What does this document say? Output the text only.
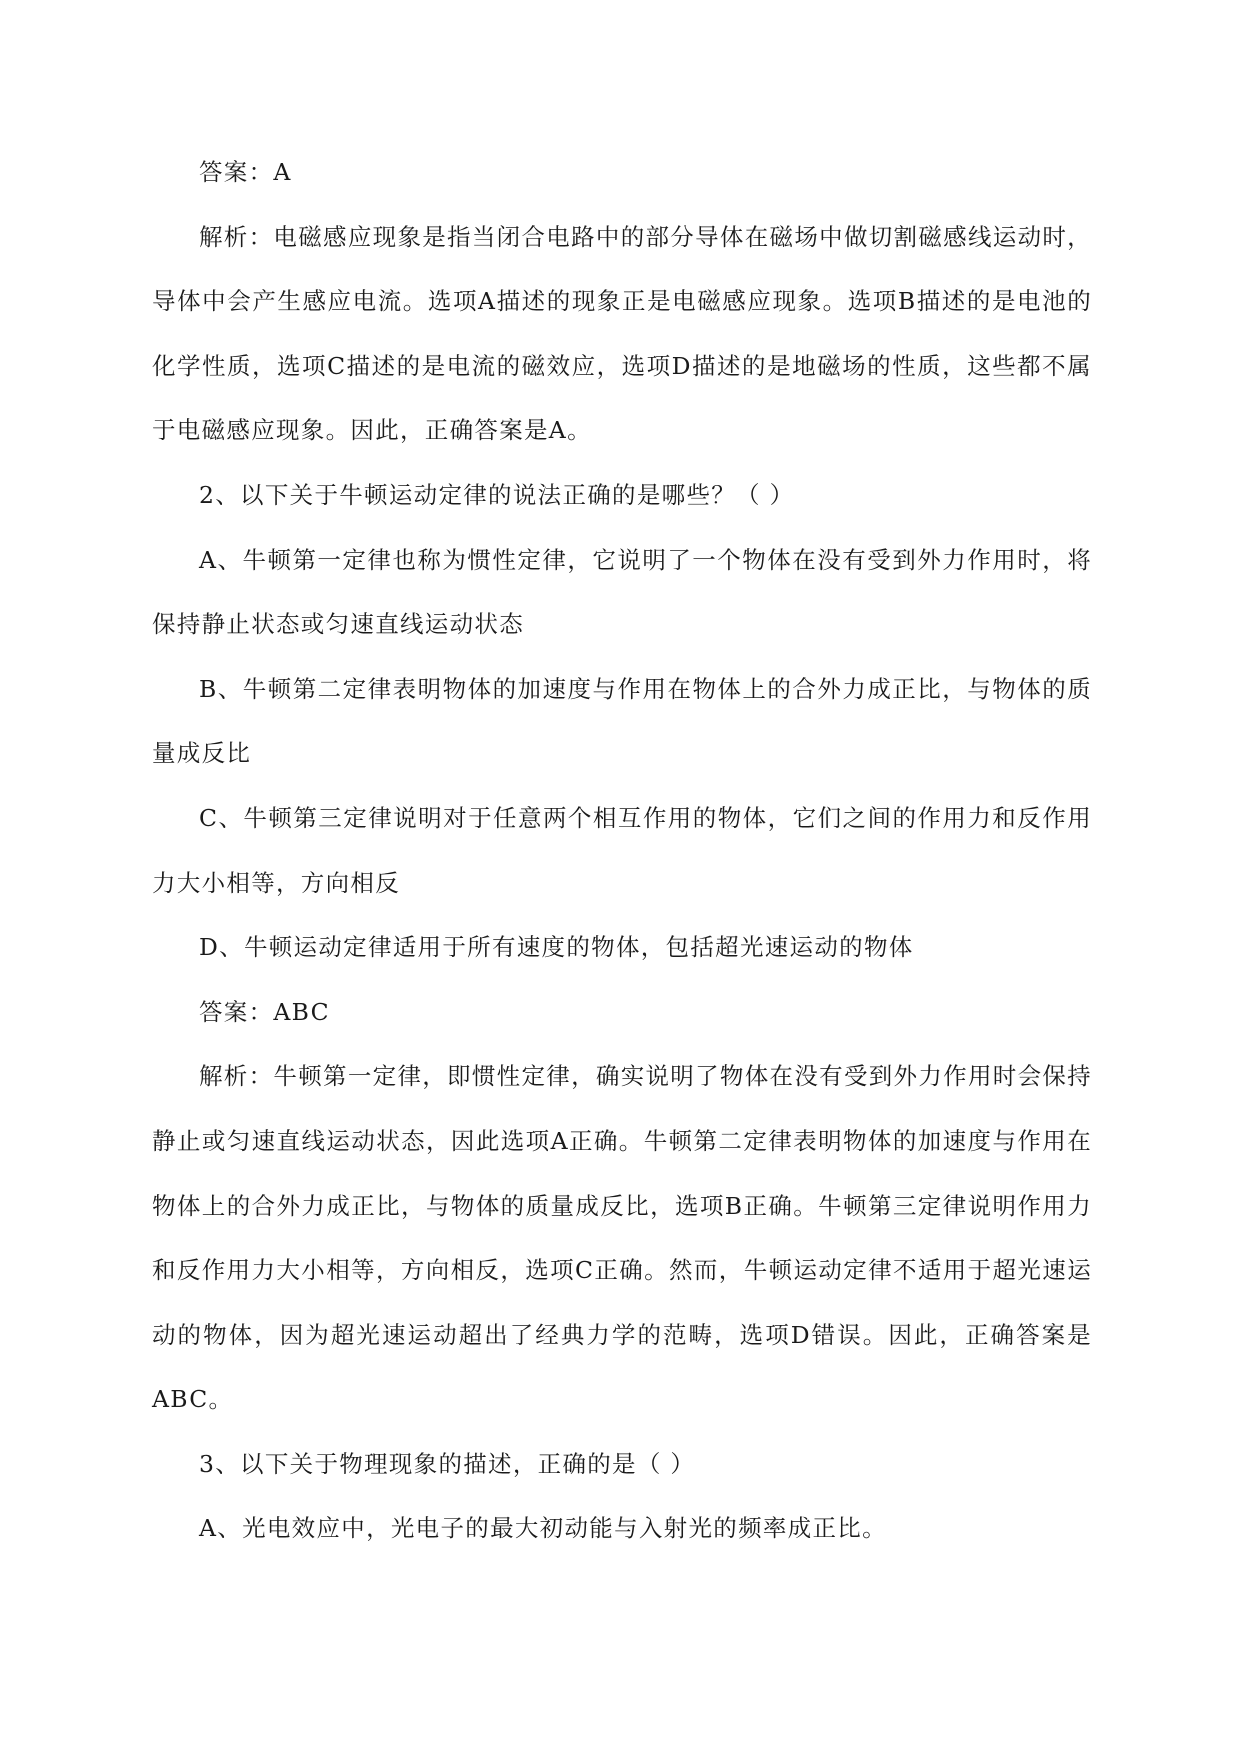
答案：A

解析：电磁感应现象是指当闭合电路中的部分导体在磁场中做切割磁感线运动时，导体中会产生感应电流。选项A描述的现象正是电磁感应现象。选项B描述的是电池的化学性质，选项C描述的是电流的磁效应，选项D描述的是地磁场的性质，这些都不属于电磁感应现象。因此，正确答案是A。

2、以下关于牛顿运动定律的说法正确的是哪些？（ ）

A、牛顿第一定律也称为惯性定律，它说明了一个物体在没有受到外力作用时，将保持静止状态或匀速直线运动状态

B、牛顿第二定律表明物体的加速度与作用在物体上的合外力成正比，与物体的质量成反比

C、牛顿第三定律说明对于任意两个相互作用的物体，它们之间的作用力和反作用力大小相等，方向相反

D、牛顿运动定律适用于所有速度的物体，包括超光速运动的物体

答案：ABC

解析：牛顿第一定律，即惯性定律，确实说明了物体在没有受到外力作用时会保持静止或匀速直线运动状态，因此选项A正确。牛顿第二定律表明物体的加速度与作用在物体上的合外力成正比，与物体的质量成反比，选项B正确。牛顿第三定律说明作用力和反作用力大小相等，方向相反，选项C正确。然而，牛顿运动定律不适用于超光速运动的物体，因为超光速运动超出了经典力学的范畴，选项D错误。因此，正确答案是ABC。

3、以下关于物理现象的描述，正确的是（ ）

A、光电效应中，光电子的最大初动能与入射光的频率成正比。
